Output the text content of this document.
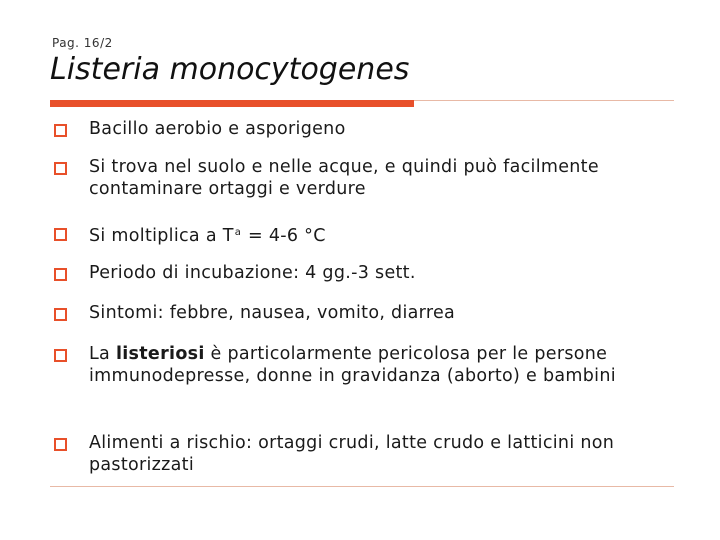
Pag. 16/2
Listeria monocytogenes
Bacillo aerobio e asporigeno
Si trova nel suolo e nelle acque, e quindi può facilmente contaminare ortaggi e verdure
Si moltiplica a $T^a = 4-6$ °C
Periodo di incubazione: 4 gg.-3 sett.
Sintomi: febbre, nausea, vomito, diarrea
La listeriosi è particolarmente pericolosa per le persone immunodepresse, donne in gravidanza (aborto) e bambini
Alimenti a rischio: ortaggi crudi, latte crudo e latticini non pastorizzati
